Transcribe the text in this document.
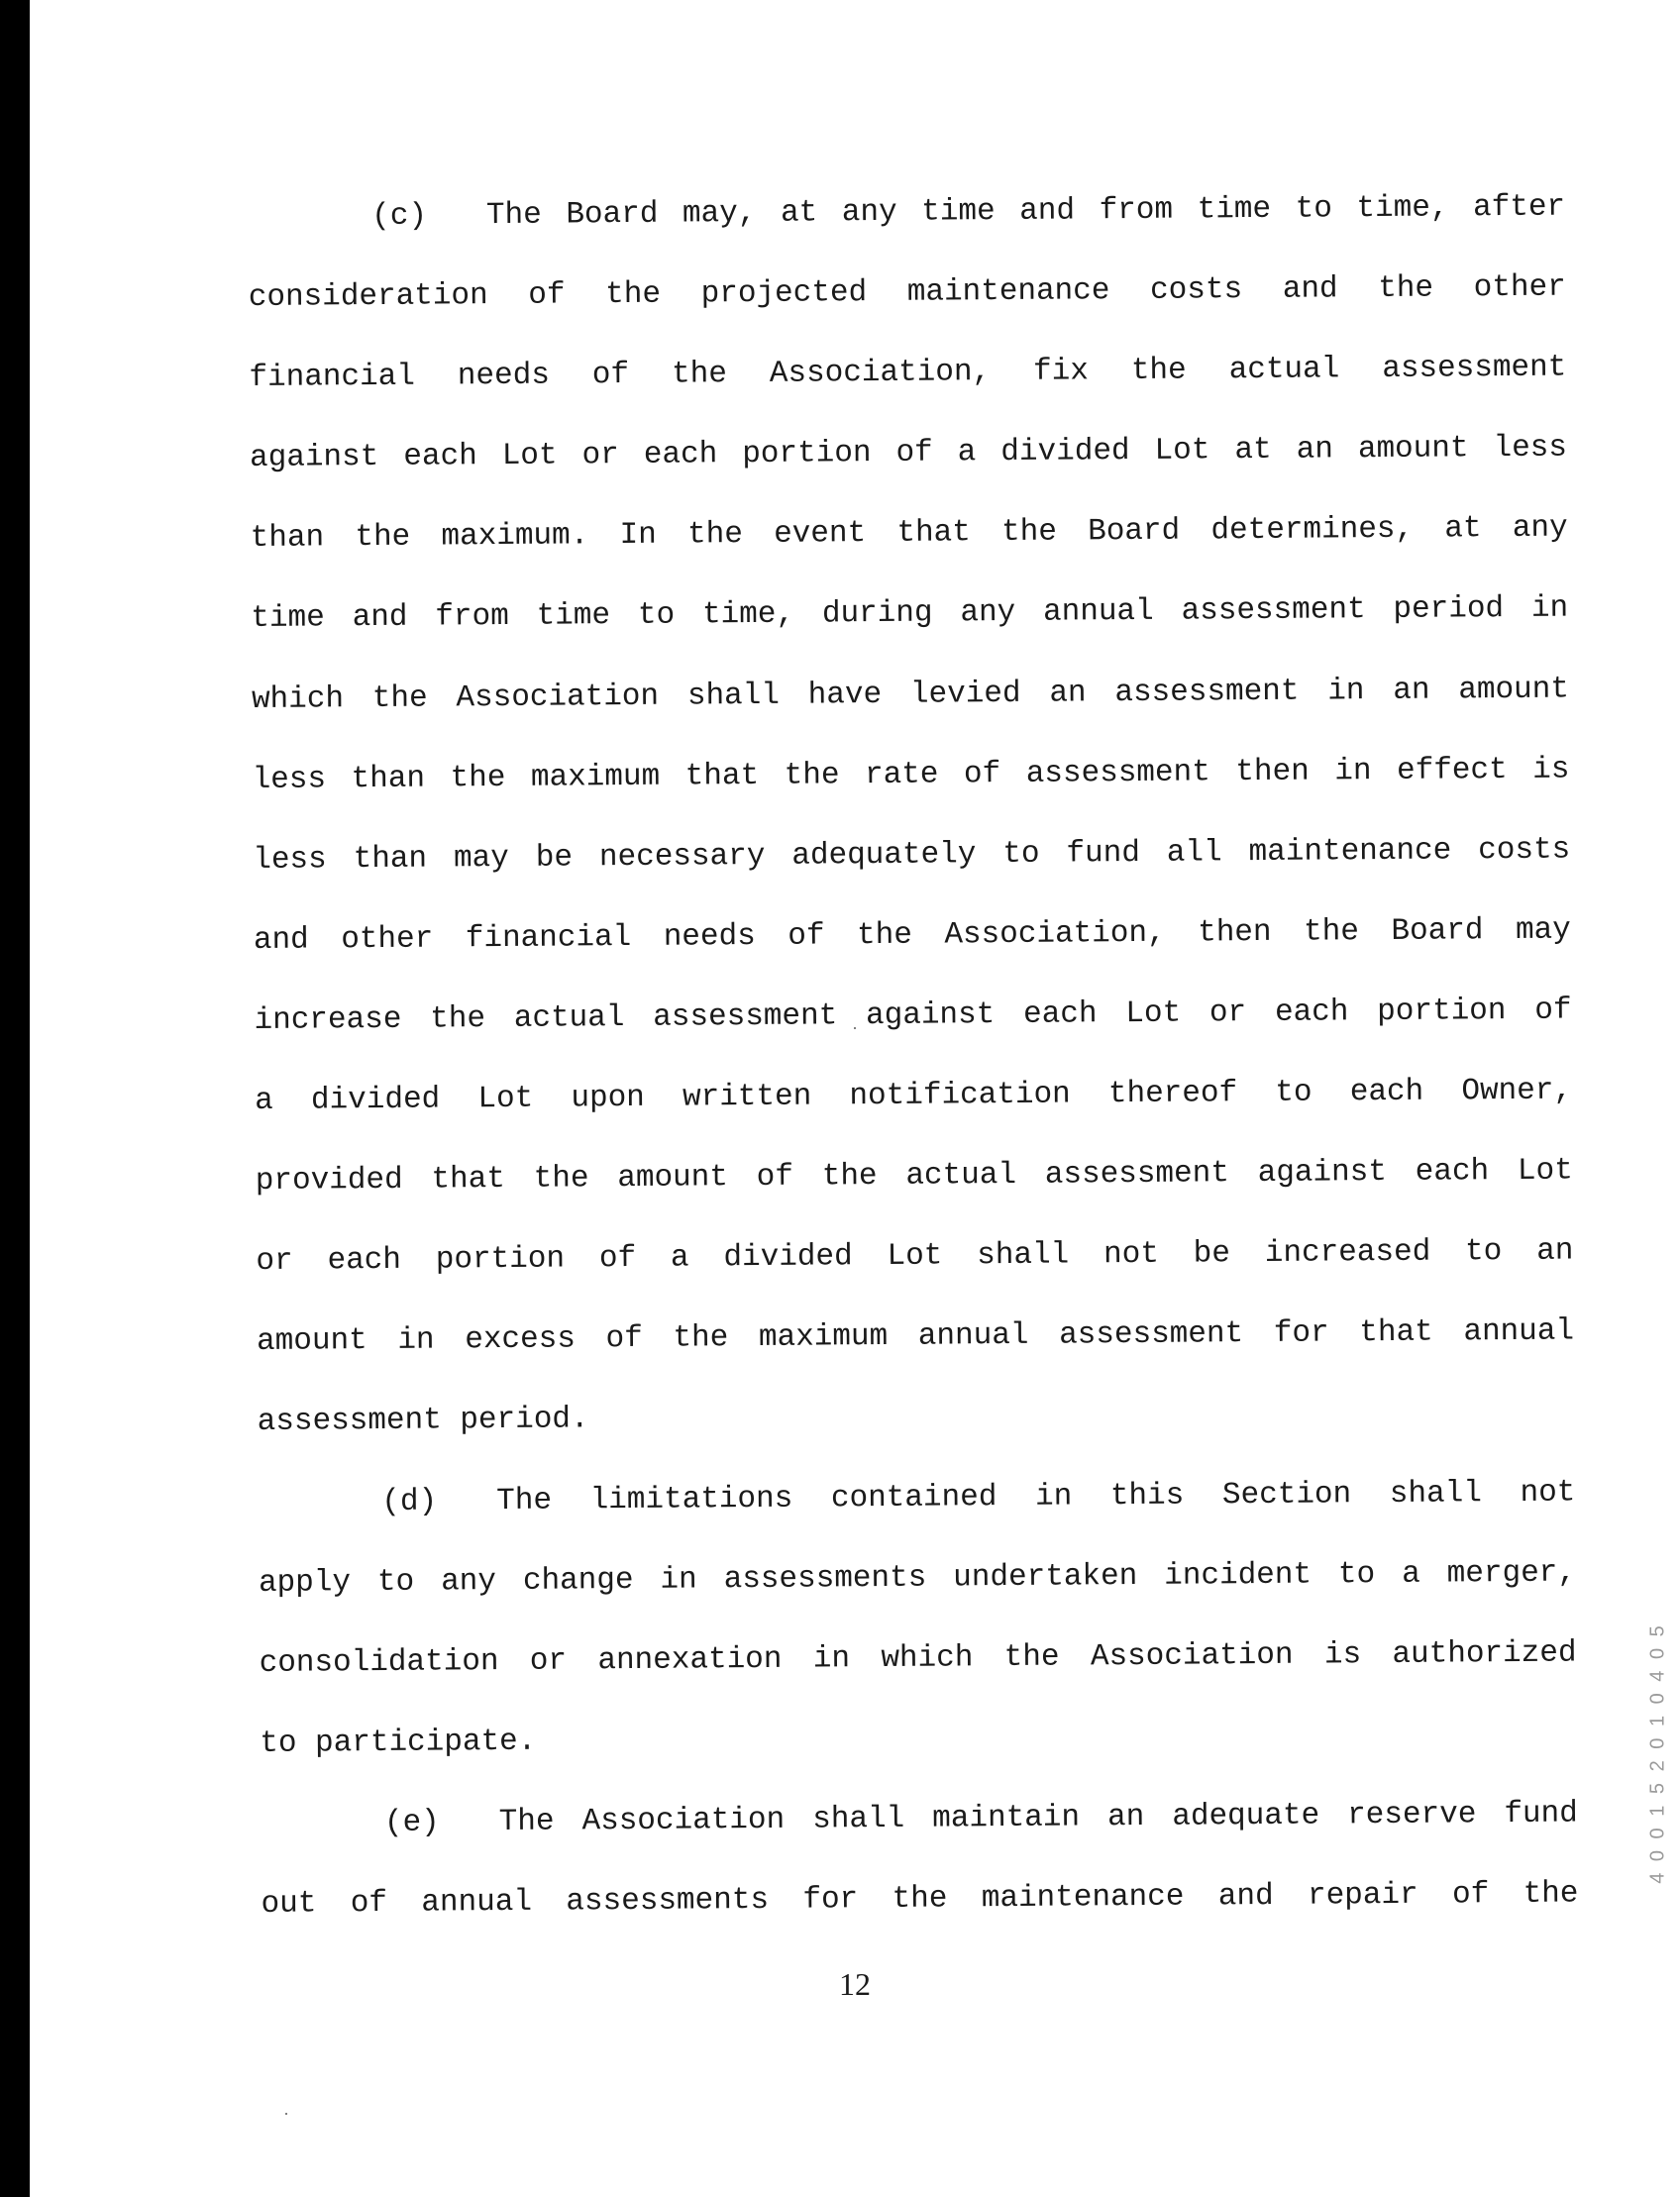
(c) The Board may, at any time and from time to time, after
consideration of the projected maintenance costs and the other
financial needs of the Association, fix the actual assessment
against each Lot or each portion of a divided Lot at an amount less
than the maximum. In the event that the Board determines, at any
time and from time to time, during any annual assessment period in
which the Association shall have levied an assessment in an amount
less than the maximum that the rate of assessment then in effect is
less than may be necessary adequately to fund all maintenance costs
and other financial needs of the Association, then the Board may
increase the actual assessment against each Lot or each portion of
a divided Lot upon written notification thereof to each Owner,
provided that the amount of the actual assessment against each Lot
or each portion of a divided Lot shall not be increased to an
amount in excess of the maximum annual assessment for that annual
assessment period.
(d) The limitations contained in this Section shall not
apply to any change in assessments undertaken incident to a merger,
consolidation or annexation in which the Association is authorized
to participate.
(e) The Association shall maintain an adequate reserve fund
out of annual assessments for the maintenance and repair of the
12
4 0 0 1 5 2 0 1 0 4 0 5
